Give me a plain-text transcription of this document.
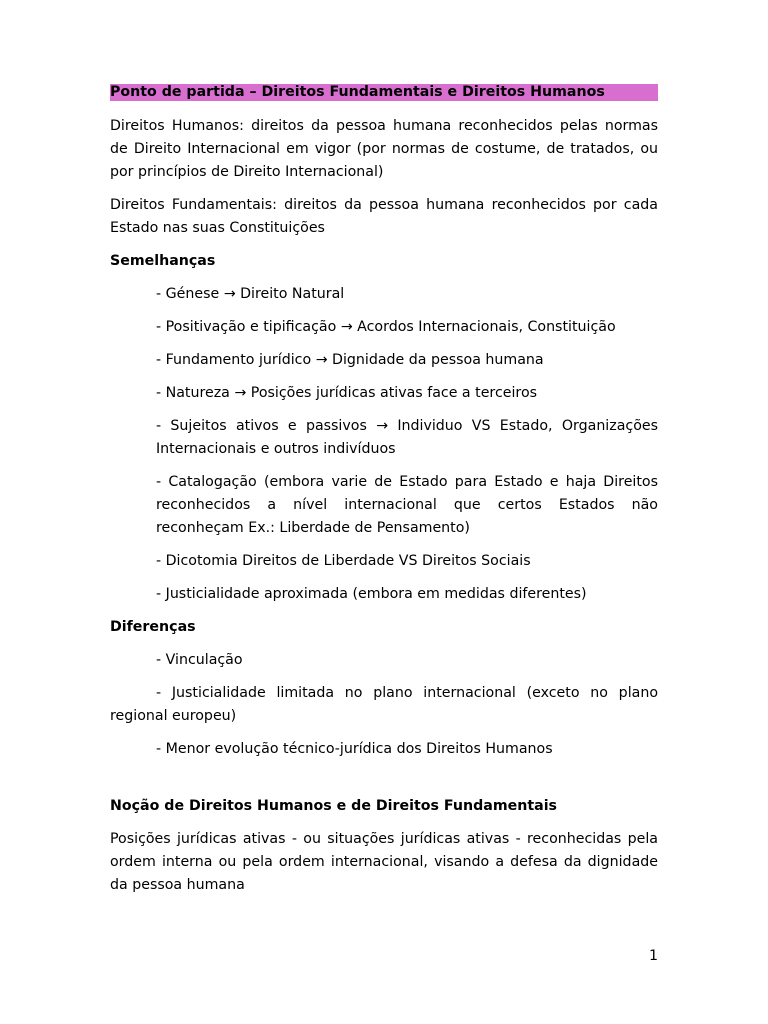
Ponto de partida – Direitos Fundamentais e Direitos Humanos

Direitos Humanos: direitos da pessoa humana reconhecidos pelas normas de Direito Internacional em vigor (por normas de costume, de tratados, ou por princípios de Direito Internacional)

Direitos Fundamentais: direitos da pessoa humana reconhecidos por cada Estado nas suas Constituições

Semelhanças

- Génese → Direito Natural

- Positivação e tipificação → Acordos Internacionais, Constituição

- Fundamento jurídico → Dignidade da pessoa humana

- Natureza → Posições jurídicas ativas face a terceiros

- Sujeitos ativos e passivos → Individuo VS Estado, Organizações Internacionais e outros indivíduos

- Catalogação (embora varie de Estado para Estado e haja Direitos reconhecidos a nível internacional que certos Estados não reconheçam Ex.: Liberdade de Pensamento)

- Dicotomia Direitos de Liberdade VS Direitos Sociais

- Justicialidade aproximada (embora em medidas diferentes)

Diferenças

- Vinculação

- Justicialidade limitada no plano internacional (exceto no plano regional europeu)

- Menor evolução técnico-jurídica dos Direitos Humanos

Noção de Direitos Humanos e de Direitos Fundamentais

Posições jurídicas ativas - ou situações jurídicas ativas - reconhecidas pela ordem interna ou pela ordem internacional, visando a defesa da dignidade da pessoa humana

1
